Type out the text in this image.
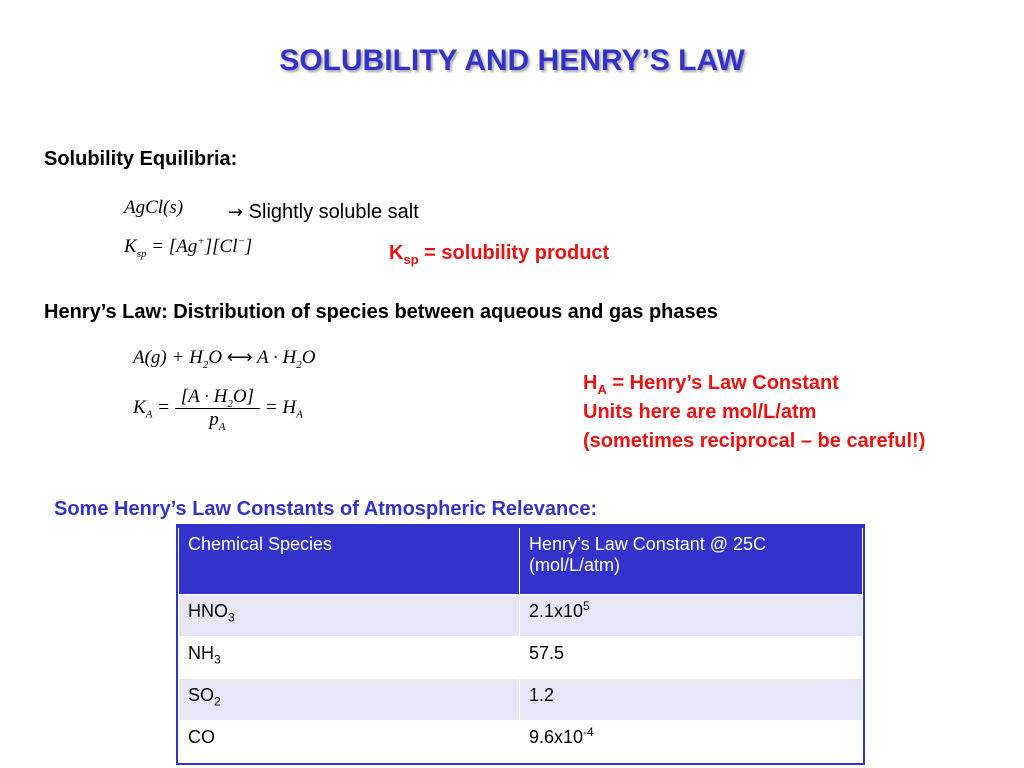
SOLUBILITY AND HENRY’S LAW
Solubility Equilibria:
AgCl(s) → Slightly soluble salt
$K_{sp} = [Ag^+][Cl^-]$	$K_{sp}$ = solubility product
Henry’s Law: Distribution of species between aqueous and gas phases
$A(g) + H_2O$ ⟷ $A \cdot H_2O$
$K_A = \frac{[A \cdot H_2O]}{p_A} = H_A$
$H_A$ = Henry’s Law Constant
Units here are mol/L/atm
(sometimes reciprocal – be careful!)
Some Henry’s Law Constants of Atmospheric Relevance:
Chemical Species	Henry’s Law Constant @ 25C (mol/L/atm)
$HNO_3$	$2.1x10^5$
$NH_3$	57.5
$SO_2$	1.2
CO	$9.6x10^{-4}$
